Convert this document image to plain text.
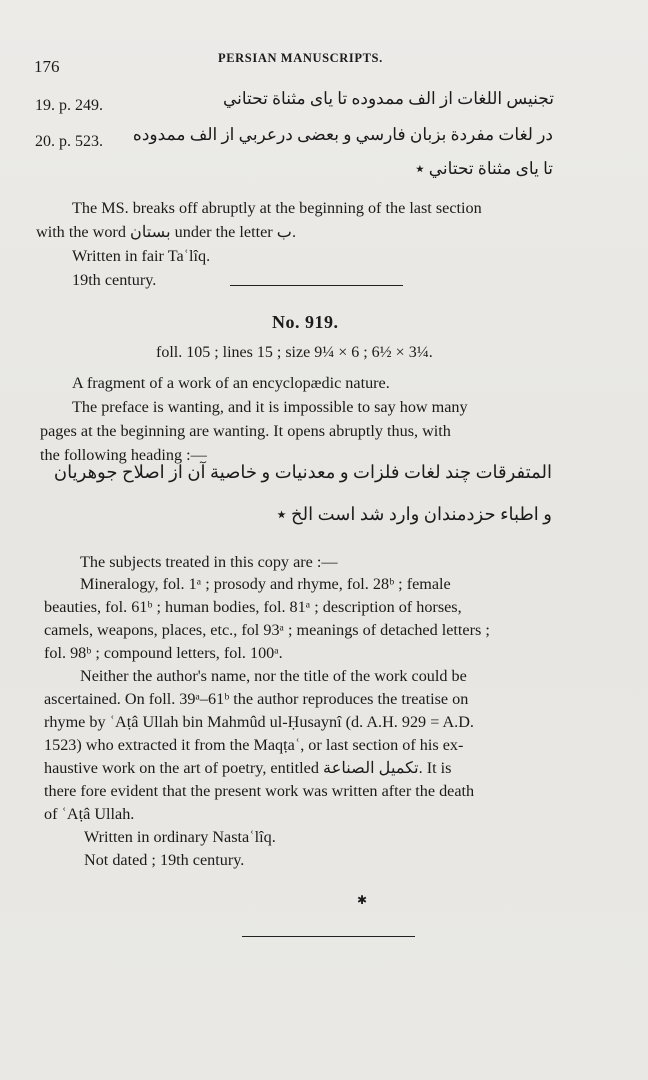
176	PERSIAN MANUSCRIPTS.
19. p. 249.	تجنيس اللغات از الف ممدوده تا ياى مثناة تحتاني
20. p. 523. در لغات مفردة بزبان فارسي و بعضى درعربي از الف ممدوده
تا ياى مثناة تحتاني ٭
The MS. breaks off abruptly at the beginning of the last section
with the word بستان under the letter ب.
Written in fair Taʿlîq.
19th century.
No. 919.
foll. 105 ; lines 15 ; size 9¼ × 6 ; 6½ × 3¼.
A fragment of a work of an encyclopædic nature.
The preface is wanting, and it is impossible to say how many
pages at the beginning are wanting. It opens abruptly thus, with
the following heading :—
المتفرقات چند لغات فلزات و معدنيات و خاصية آن از اصلاح جوهريان
و اطباء حزدمندان وارد شد است الخ ٭
The subjects treated in this copy are :—
Mineralogy, fol. 1ᵃ ; prosody and rhyme, fol. 28ᵇ ; female
beauties, fol. 61ᵇ ; human bodies, fol. 81ᵃ ; description of horses,
camels, weapons, places, etc., fol 93ᵃ ; meanings of detached letters ;
fol. 98ᵇ ; compound letters, fol. 100ᵃ.
Neither the author's name, nor the title of the work could be
ascertained. On foll. 39ᵃ–61ᵇ the author reproduces the treatise on
rhyme by ʿAṭâ Ullah bin Mahmûd ul-Ḥusaynî (d. A.H. 929 = A.D.
1523) who extracted it from the Maqṭaʿ, or last section of his ex-
haustive work on the art of poetry, entitled تكميل الصناعة. It is
there fore evident that the present work was written after the death
of ʿAṭâ Ullah.
Written in ordinary Nastaʿlîq.
Not dated ; 19th century.
✱
